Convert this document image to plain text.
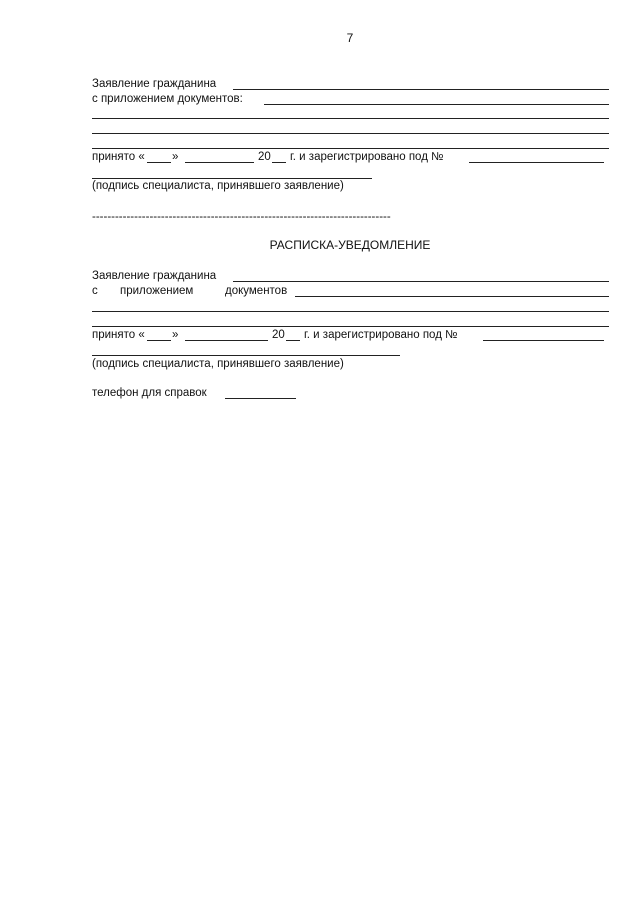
7
Заявление гражданина
с приложением документов:
принято « »	20 г. и зарегистрировано под №
(подпись специалиста, принявшего заявление)
------------------------------------------------------------------------------
РАСПИСКА-УВЕДОМЛЕНИЕ
Заявление гражданина
с приложением	документов
принято « »	20 г. и зарегистрировано под №
(подпись специалиста, принявшего заявление)
телефон для справок
